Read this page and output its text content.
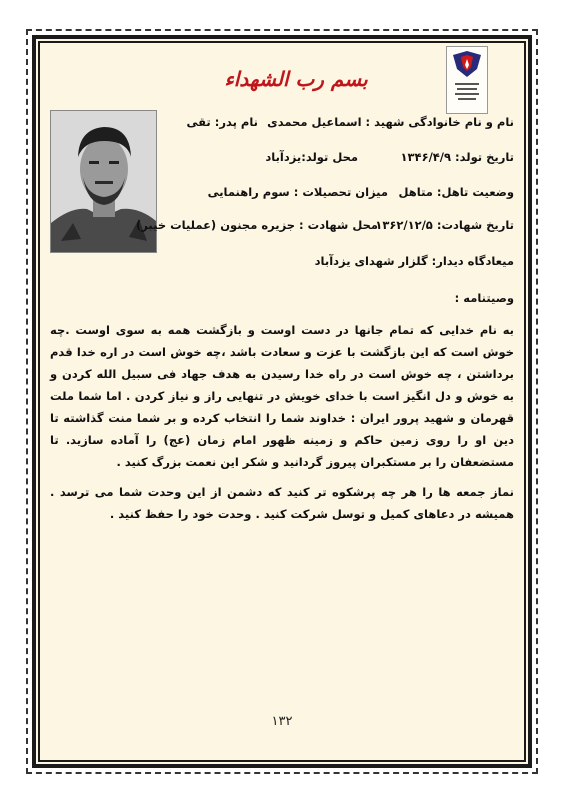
بسم رب الشهداء
نام و نام خانوادگی شهید : اسماعیل محمدی
نام پدر: تقی
تاریخ تولد: ۱۳۴۶/۴/۹
محل تولد:یزدآباد
وضعیت تاهل: متاهل
میزان تحصیلات : سوم راهنمایی
تاریخ شهادت: ۱۳۶۲/۱۲/۵
محل شهادت : جزیره مجنون (عملیات خیبر)
میعادگاه دیدار: گلزار شهدای یزدآباد
وصیتنامه :

به نام خدایی که تمام جانها در دست اوست و بازگشت همه به سوی اوست .چه خوش است که این بازگشت با عزت و سعادت باشد ،چه خوش است در اره خدا قدم برداشتن ، چه خوش است در راه خدا رسیدن به هدف جهاد فی سبیل الله کردن و به خوش و دل انگیز است با خدای خویش در تنهایی راز و نیاز کردن . اما شما ملت قهرمان و شهید پرور ایران : خداوند شما را انتخاب کرده و بر شما منت گذاشته تا دین او را روی زمین حاکم و زمینه ظهور امام زمان (عج) را آماده سازید. تا مستضعفان را بر مستکبران پیروز گردانید و شکر این نعمت بزرگ کنید .

نماز جمعه ها را هر چه پرشکوه تر کنید که دشمن از این وحدت شما می ترسد . همیشه در دعاهای کمیل و توسل شرکت کنید . وحدت خود را حفظ کنید .

۱۳۲
